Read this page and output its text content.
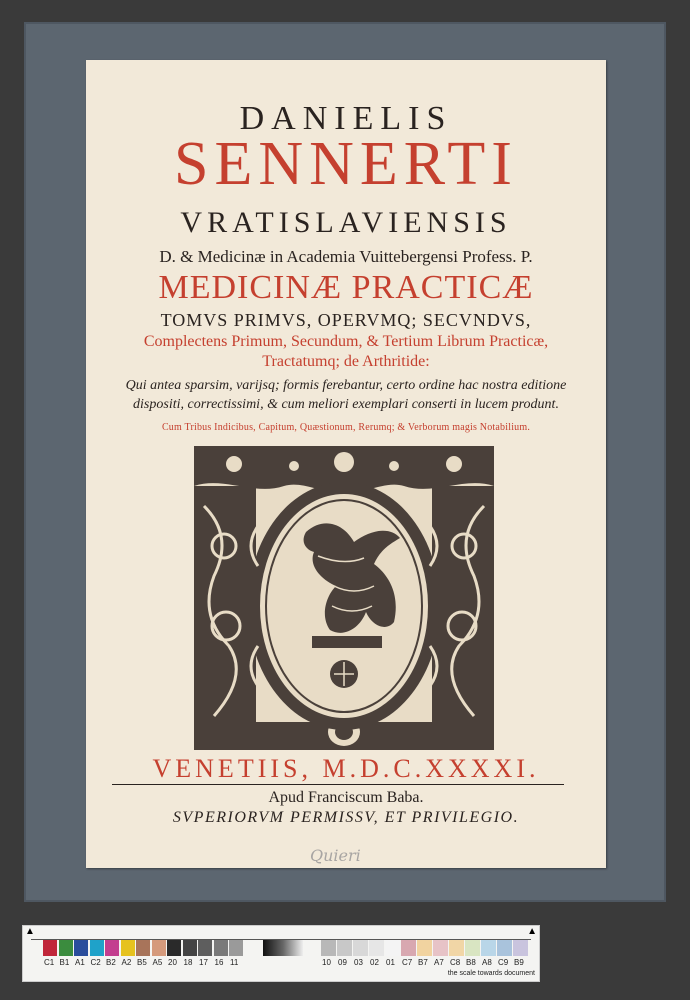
DANIELIS
SENNERTI
VRATISLAVIENSIS
D. & Medicinæ in Academia Vuittebergensi Profess. P.
MEDICINÆ PRACTICÆ
TOMVS PRIMVS, OPERVMQ; SECVNDVS,
Complectens Primum, Secundum, & Tertium Librum Practicæ,
Tractatumq; de Arthritide:
Qui antea sparsim, varijsq; formis ferebantur, certo ordine hac nostra editione
dispositi, correctissimi, & cum meliori exemplari conserti in lucem produnt.
Cum Tribus Indicibus, Capitum, Quæstionum, Rerumq; & Verborum magis Notabilium.
VENETIIS, M.D.C.XXXXI.
Apud Franciscum Baba.
SVPERIORVM PERMISSV, ET PRIVILEGIO.
Quieri
▲	▲
C1 B1 A1 C2 B2 A2 B5 A5 20 18 17 16 11	10 09 03 02 01 C7 B7 A7 C8 B8 A8 C9 B9
the scale towards document
